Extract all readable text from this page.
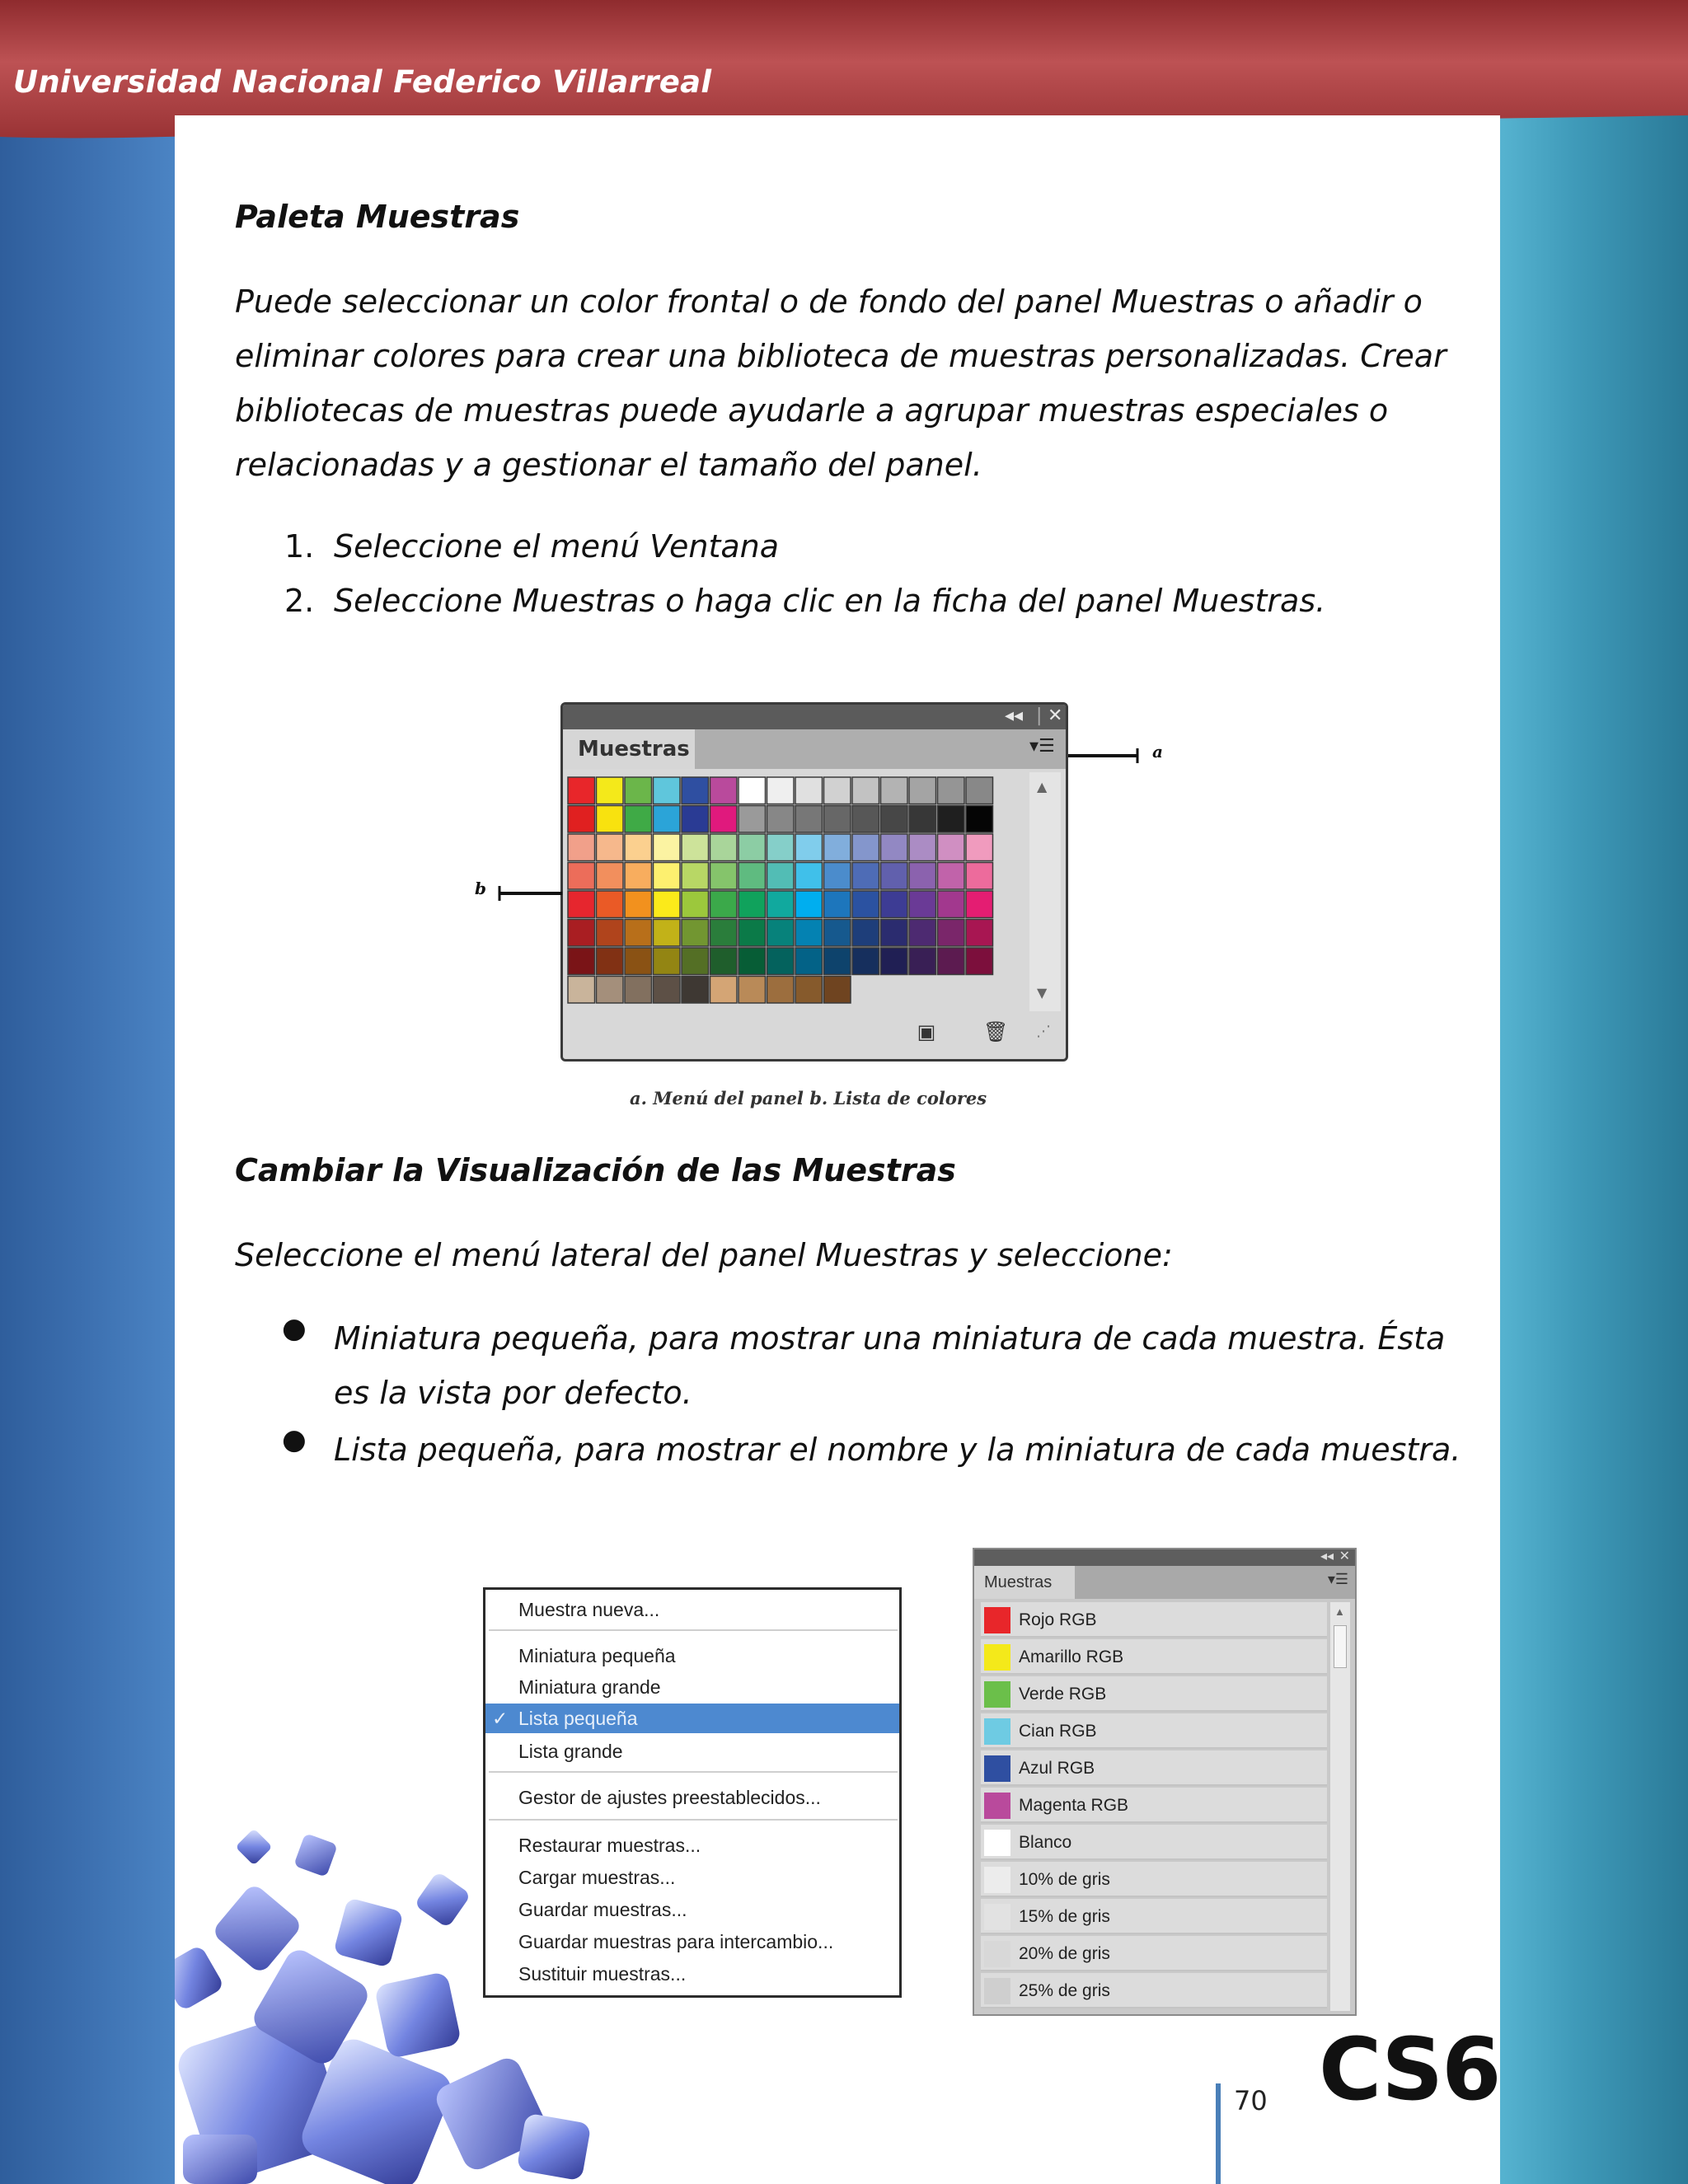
Universidad Nacional Federico Villarreal
Paleta Muestras
Puede seleccionar un color frontal o de fondo del panel Muestras o añadir o
eliminar colores para crear una biblioteca de muestras personalizadas. Crear
bibliotecas de muestras puede ayudarle a agrupar muestras especiales o
relacionadas y a gestionar el tamaño del panel.
1. Seleccione el menú Ventana
2. Seleccione Muestras o haga clic en la ficha del panel Muestras.
◂◂ | ✕
Muestras	▾☰
▲
▼
▣ 🗑 ⋰
a
b
a. Menú del panel b. Lista de colores
Cambiar la Visualización de las Muestras
Seleccione el menú lateral del panel Muestras y seleccione:
● Miniatura pequeña, para mostrar una miniatura de cada muestra. Ésta
es la vista por defecto.
● Lista pequeña, para mostrar el nombre y la miniatura de cada muestra.
Muestra nueva...
Miniatura pequeña
Miniatura grande
✓ Lista pequeña
Lista grande
Gestor de ajustes preestablecidos...
Restaurar muestras...
Cargar muestras...
Guardar muestras...
Guardar muestras para intercambio...
Sustituir muestras...
◂◂ ✕
Muestras	▾☰
Rojo RGB
Amarillo RGB
Verde RGB
Cian RGB
Azul RGB
Magenta RGB
Blanco
10% de gris
15% de gris
20% de gris
25% de gris
▲
70 CS6
